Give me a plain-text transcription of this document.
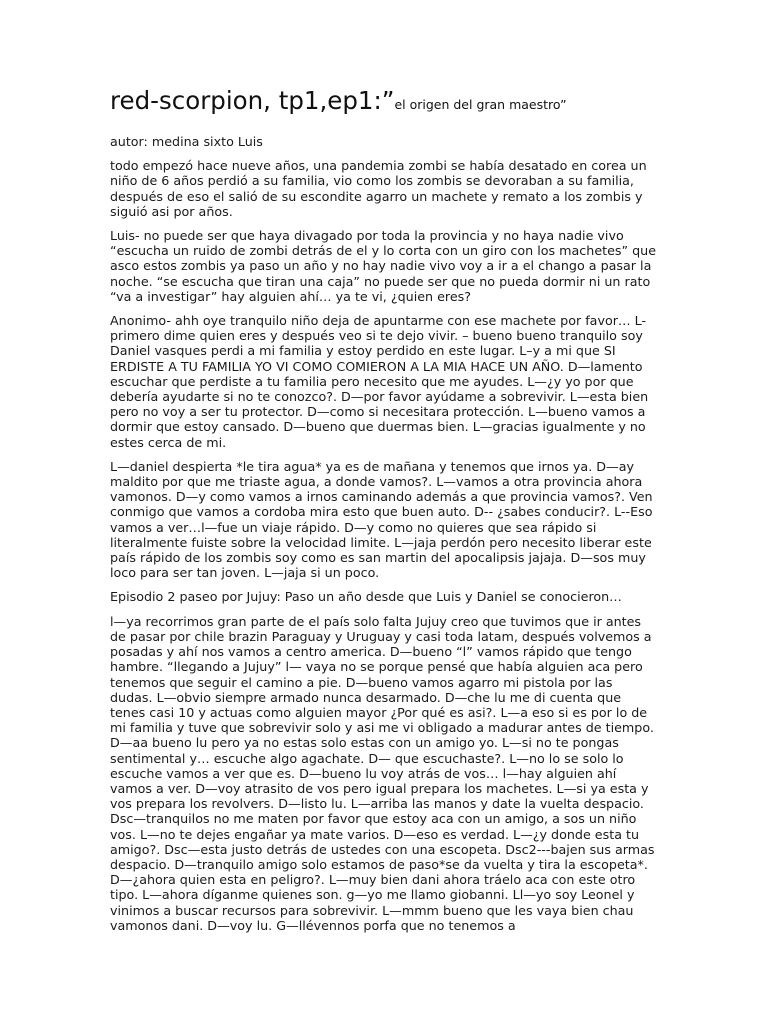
red-scorpion, tp1,ep1:”el origen del gran maestro”

autor: medina sixto Luis

todo empezó hace nueve años, una pandemia zombi se había desatado en corea un niño de 6 años perdió a su familia, vio como los zombis se devoraban a su familia, después de eso el salió de su escondite agarro un machete y remato a los zombis y siguió asi por años.

Luis- no puede ser que haya divagado por toda la provincia y no haya nadie vivo “escucha un ruido de zombi detrás de el y lo corta con un giro con los machetes” que asco estos zombis ya paso un año y no hay nadie vivo voy a ir a el chango a pasar la noche. “se escucha que tiran una caja” no puede ser que no pueda dormir ni un rato “va a investigar” hay alguien ahí… ya te vi, ¿quien eres?

Anonimo- ahh oye tranquilo niño deja de apuntarme con ese machete por favor… L-primero dime quien eres y después veo si te dejo vivir. – bueno bueno tranquilo soy Daniel vasques perdi a mi familia y estoy perdido en este lugar. L–y a mi que SI ERDISTE A TU FAMILIA YO VI COMO COMIERON A LA MIA HACE UN AÑO. D—lamento escuchar que perdiste a tu familia pero necesito que me ayudes. L—¿y yo por que debería ayudarte si no te conozco?. D—por favor ayúdame a sobrevivir. L—esta bien pero no voy a ser tu protector. D—como si necesitara protección. L—bueno vamos a dormir que estoy cansado. D—bueno que duermas bien. L—gracias igualmente y no estes cerca de mi.

L—daniel despierta *le tira agua* ya es de mañana y tenemos que irnos ya. D—ay maldito por que me triaste agua, a donde vamos?. L—vamos a otra provincia ahora vamonos. D—y como vamos a irnos caminando además a que provincia vamos?. Ven conmigo que vamos a cordoba mira esto que buen auto. D-- ¿sabes conducir?. L--Eso vamos a ver…l—fue un viaje rápido. D—y como no quieres que sea rápido si literalmente fuiste sobre la velocidad limite. L—jaja perdón pero necesito liberar este país rápido de los zombis soy como es san martin del apocalipsis jajaja. D—sos muy loco para ser tan joven. L—jaja si un poco.

Episodio 2 paseo por Jujuy: Paso un año desde que Luis y Daniel se conocieron…

l—ya recorrimos gran parte de el país solo falta Jujuy creo que tuvimos que ir antes de pasar por chile brazin Paraguay y Uruguay y casi toda latam, después volvemos a posadas y ahí nos vamos a centro america. D—bueno “l” vamos rápido que tengo hambre. “llegando a Jujuy” l— vaya no se porque pensé que había alguien aca pero tenemos que seguir el camino a pie. D—bueno vamos agarro mi pistola por las dudas. L—obvio siempre armado nunca desarmado. D—che lu me di cuenta que tenes casi 10 y actuas como alguien mayor ¿Por qué es asi?. L—a eso si es por lo de mi familia y tuve que sobrevivir solo y asi me vi obligado a madurar antes de tiempo. D—aa bueno lu pero ya no estas solo estas con un amigo yo. L—si no te pongas sentimental y… escuche algo agachate. D— que escuchaste?. L—no lo se solo lo escuche vamos a ver que es. D—bueno lu voy atrás de vos… l—hay alguien ahí vamos a ver. D—voy atrasito de vos pero igual prepara los machetes. L—si ya esta y vos prepara los revolvers. D—listo lu. L—arriba las manos y date la vuelta despacio. Dsc—tranquilos no me maten por favor que estoy aca con un amigo, a sos un niño vos. L—no te dejes engañar ya mate varios. D—eso es verdad. L—¿y donde esta tu amigo?. Dsc—esta justo detrás de ustedes con una escopeta. Dsc2---bajen sus armas despacio. D—tranquilo amigo solo estamos de paso*se da vuelta y tira la escopeta*. D—¿ahora quien esta en peligro?. L—muy bien dani ahora tráelo aca con este otro tipo. L—ahora díganme quienes son. g—yo me llamo giobanni. Ll—yo soy Leonel y vinimos a buscar recursos para sobrevivir. L—mmm bueno que les vaya bien chau vamonos dani. D—voy lu. G—llévennos porfa que no tenemos a
